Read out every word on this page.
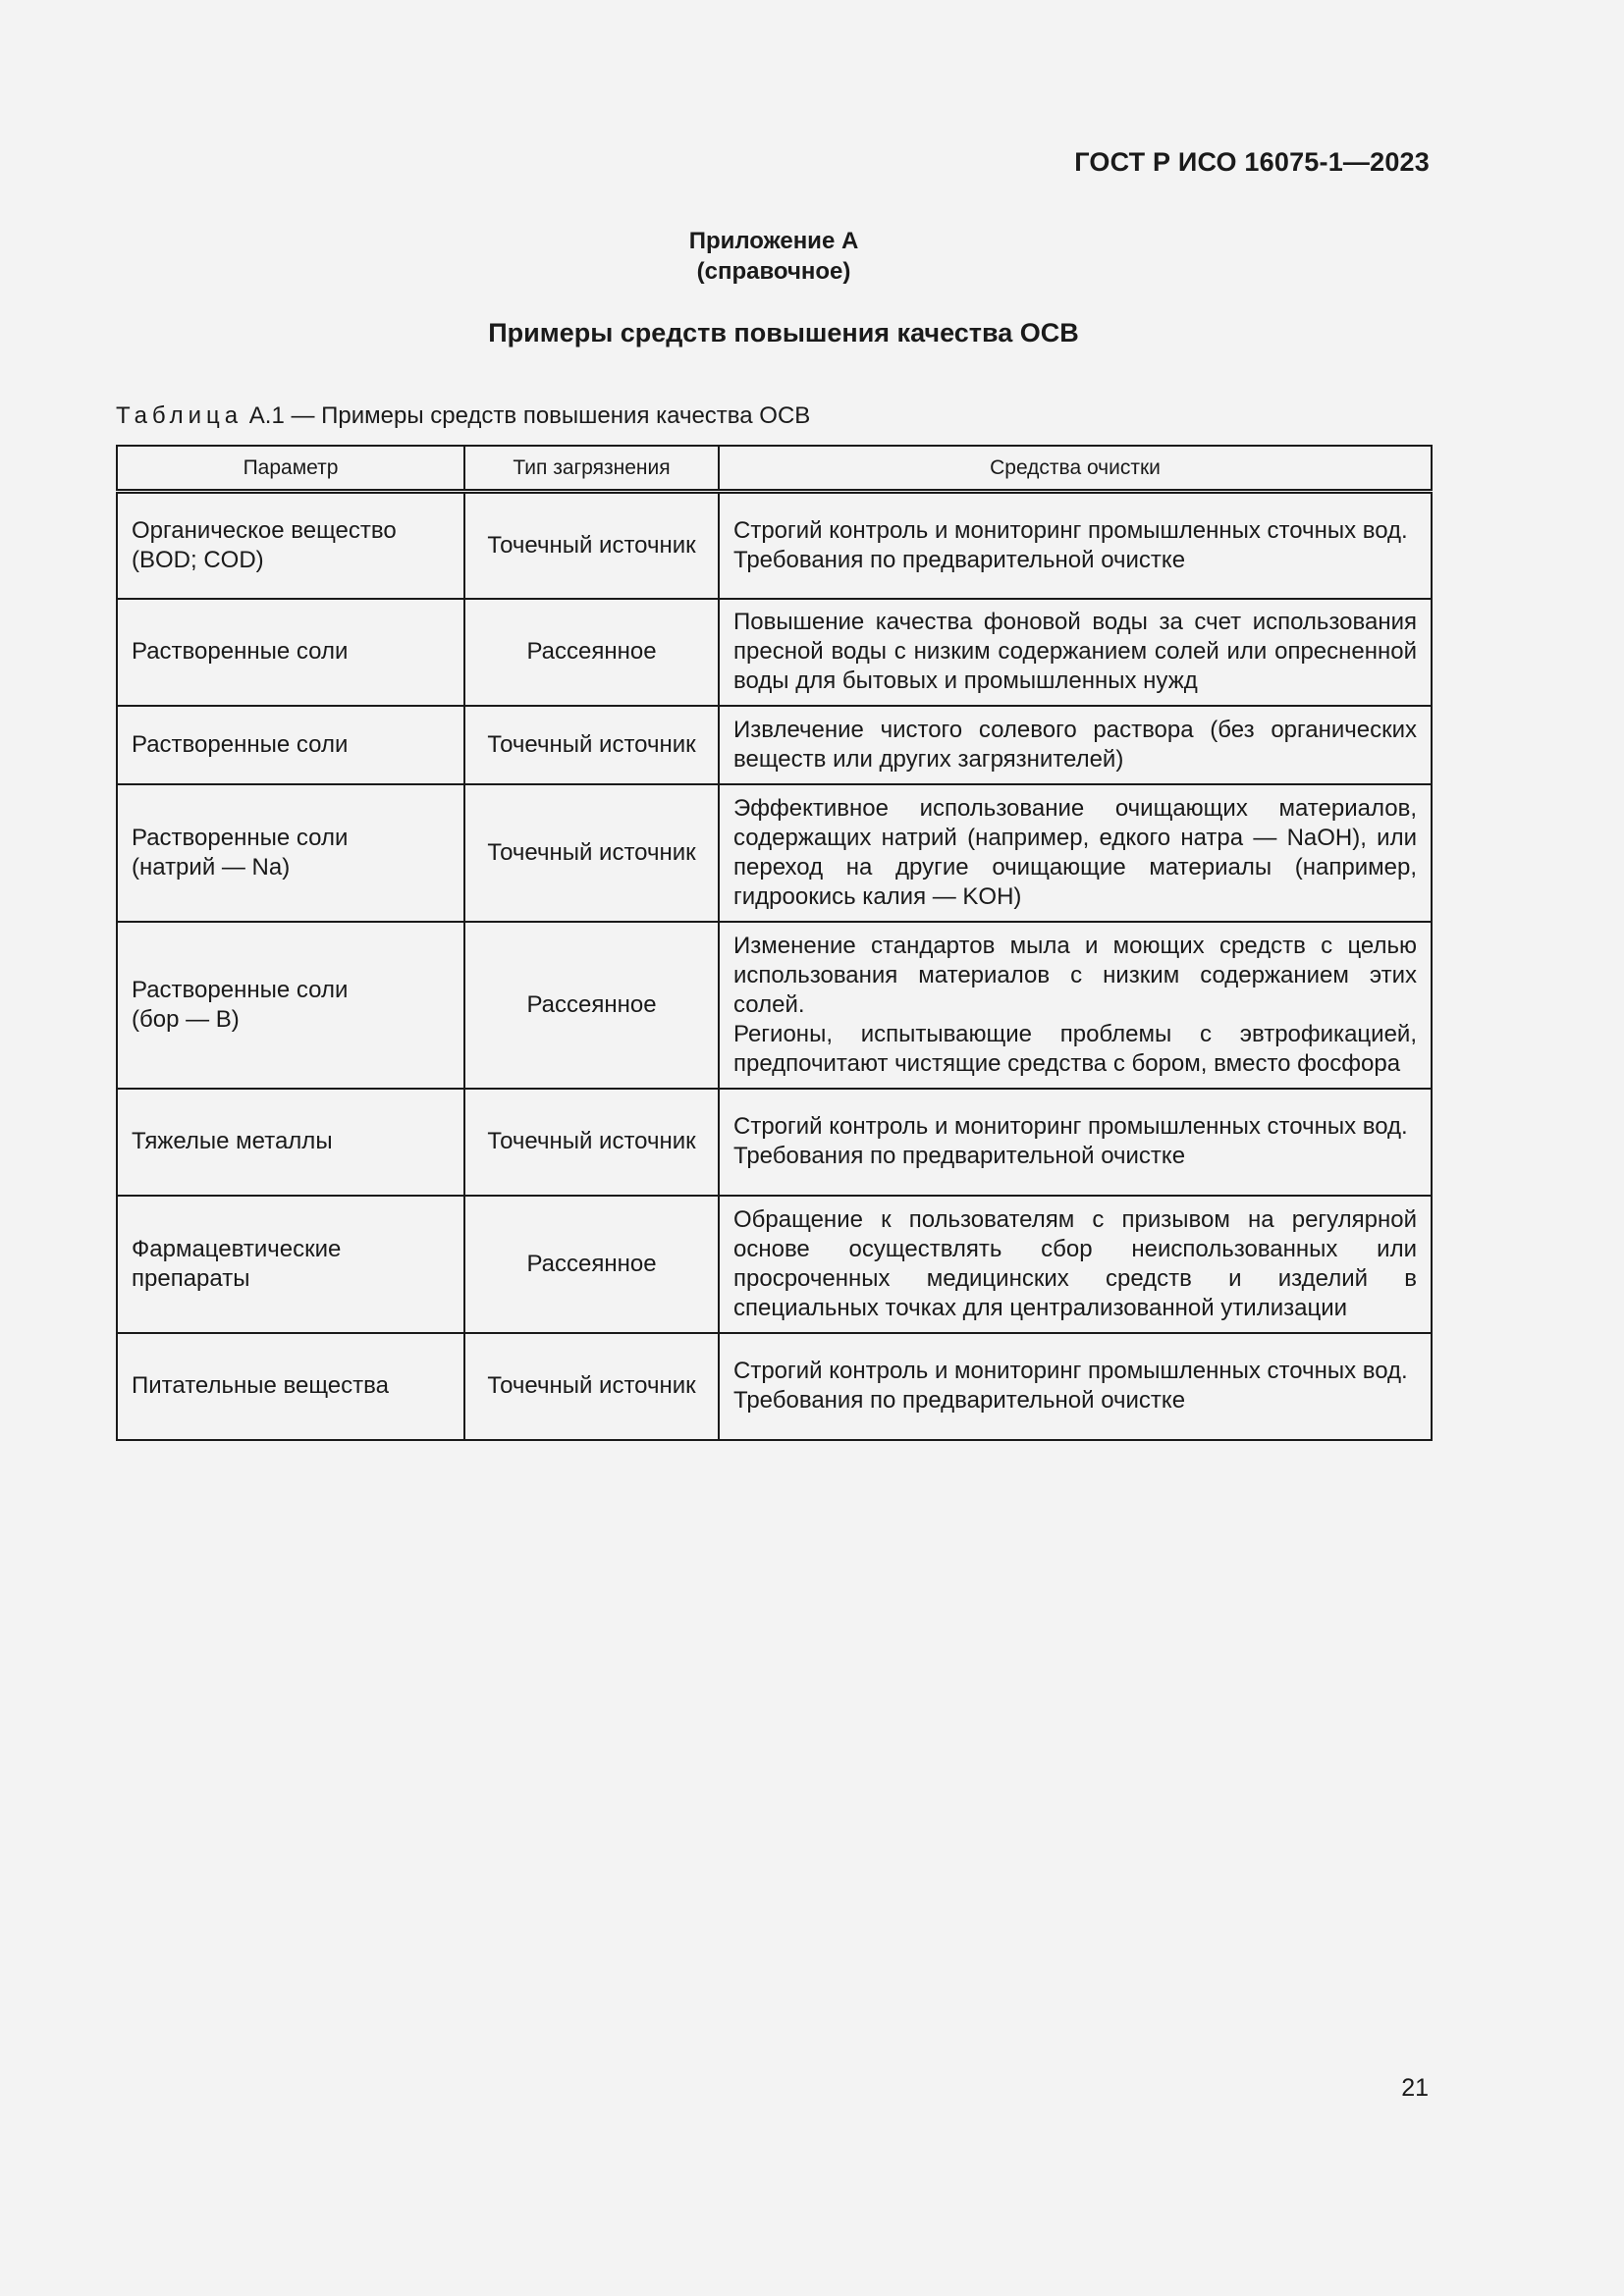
ГОСТ Р ИСО 16075-1—2023
Приложение А
(справочное)
Примеры средств повышения качества ОСВ
Таблица А.1 — Примеры средств повышения качества ОСВ
Параметр	Тип загрязнения	Средства очистки

Органическое вещество
(BOD; COD)	Точечный источник	Строгий контроль и мониторинг промышленных сточных вод.
Требования по предварительной очистке

Растворенные соли	Рассеянное	Повышение качества фоновой воды за счет использования пресной воды с низким содержанием солей или опресненной воды для бытовых и промышленных нужд

Растворенные соли	Точечный источник	Извлечение чистого солевого раствора (без органических веществ или других загрязнителей)

Растворенные соли
(натрий — Na)	Точечный источник	Эффективное использование очищающих материалов, содержащих натрий (например, едкого натра — NaOH), или переход на другие очищающие материалы (например, гидроокись калия — KOH)

Растворенные соли
(бор — B)	Рассеянное	Изменение стандартов мыла и моющих средств с целью использования материалов с низким содержанием этих солей.
Регионы, испытывающие проблемы с эвтрофикацией, предпочитают чистящие средства с бором, вместо фосфора

Тяжелые металлы	Точечный источник	Строгий контроль и мониторинг промышленных сточных вод.
Требования по предварительной очистке

Фармацевтические препараты	Рассеянное	Обращение к пользователям с призывом на регулярной основе осуществлять сбор неиспользованных или просроченных медицинских средств и изделий в специальных точках для централизованной утилизации

Питательные вещества	Точечный источник	Строгий контроль и мониторинг промышленных сточных вод.
Требования по предварительной очистке
21
